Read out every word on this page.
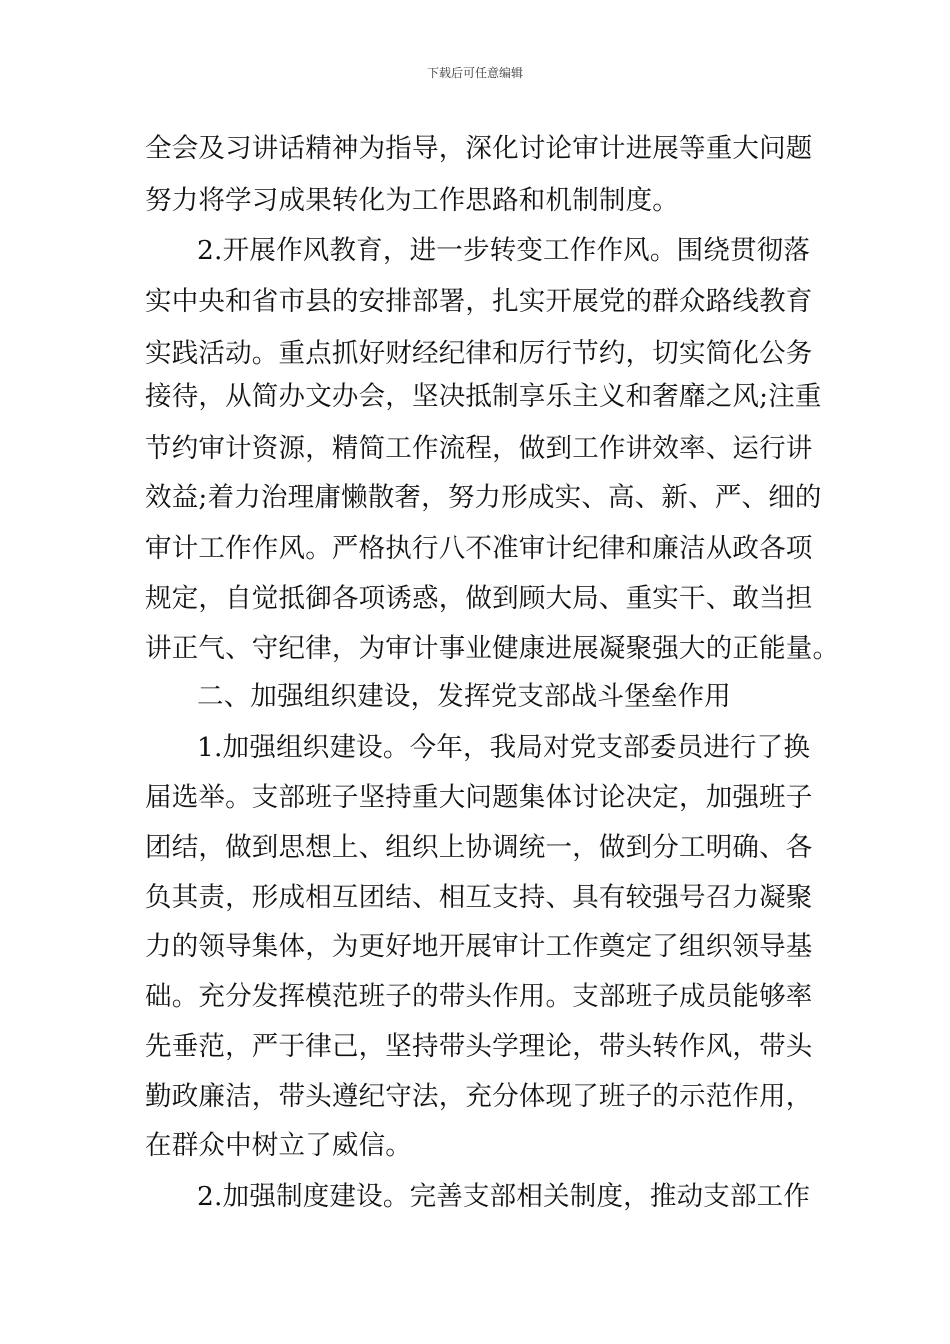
下载后可任意编辑
全会及习讲话精神为指导，深化讨论审计进展等重大问题
努力将学习成果转化为工作思路和机制制度。
2.开展作风教育，进一步转变工作作风。围绕贯彻落
实中央和省市县的安排部署，扎实开展党的群众路线教育
实践活动。重点抓好财经纪律和厉行节约，切实简化公务
接待，从简办文办会，坚决抵制享乐主义和奢靡之风;注重
节约审计资源，精简工作流程，做到工作讲效率、运行讲
效益;着力治理庸懒散奢，努力形成实、高、新、严、细的
审计工作作风。严格执行八不准审计纪律和廉洁从政各项
规定，自觉抵御各项诱惑，做到顾大局、重实干、敢当担
讲正气、守纪律，为审计事业健康进展凝聚强大的正能量。
二、加强组织建设，发挥党支部战斗堡垒作用
1.加强组织建设。今年，我局对党支部委员进行了换
届选举。支部班子坚持重大问题集体讨论决定，加强班子
团结，做到思想上、组织上协调统一，做到分工明确、各
负其责，形成相互团结、相互支持、具有较强号召力凝聚
力的领导集体，为更好地开展审计工作奠定了组织领导基
础。充分发挥模范班子的带头作用。支部班子成员能够率
先垂范，严于律己，坚持带头学理论，带头转作风，带头
勤政廉洁，带头遵纪守法，充分体现了班子的示范作用，
在群众中树立了威信。
2.加强制度建设。完善支部相关制度，推动支部工作
